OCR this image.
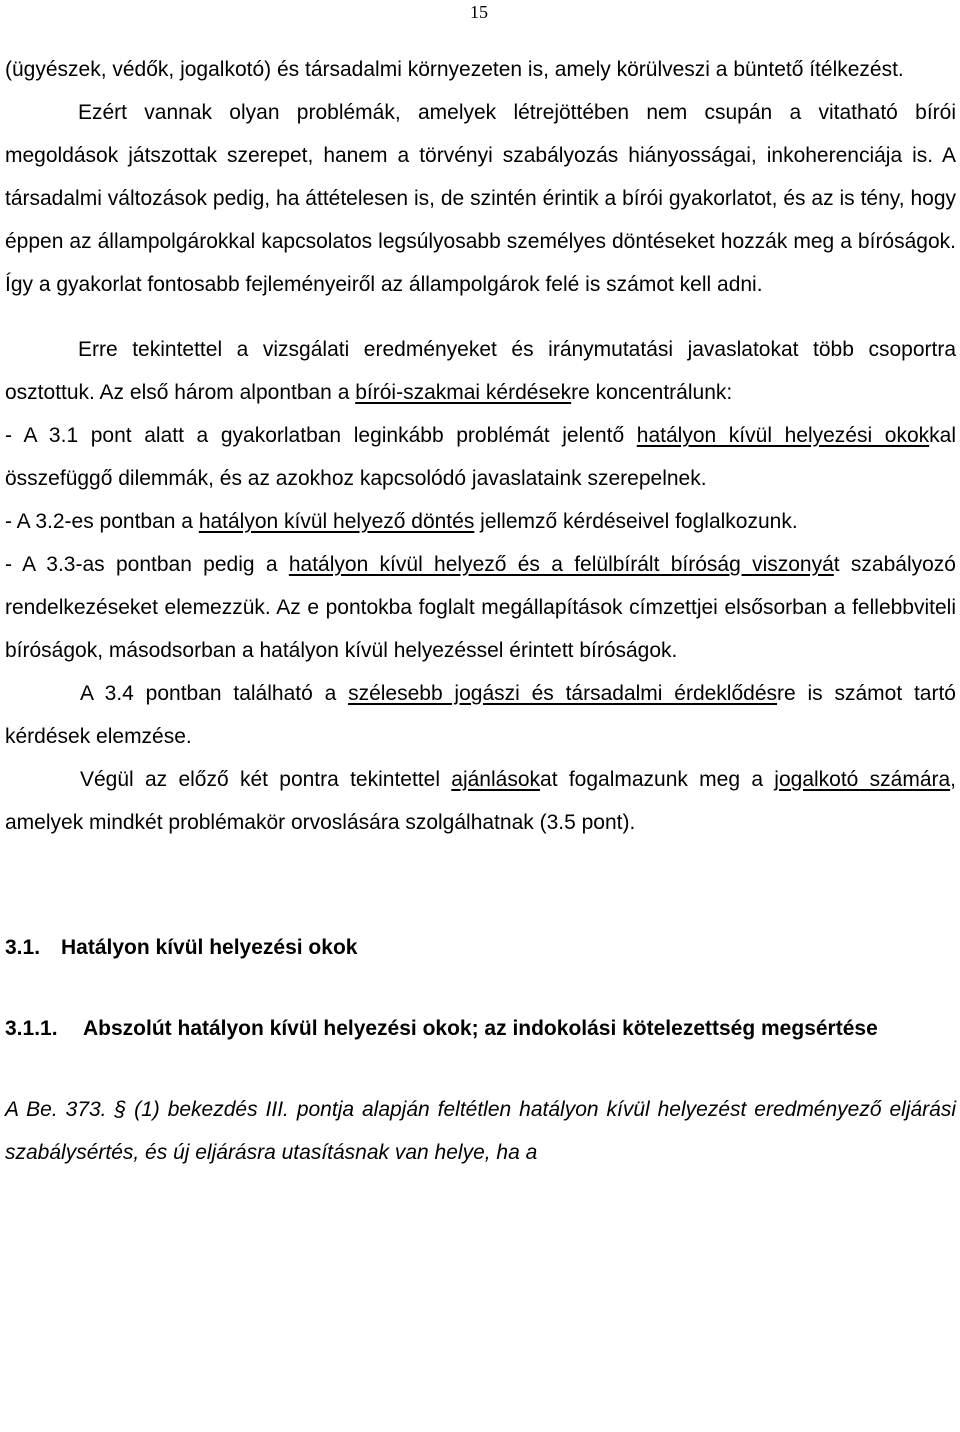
15

(ügyészek, védők, jogalkotó) és társadalmi környezeten is, amely körülveszi a büntető ítélkezést.

Ezért vannak olyan problémák, amelyek létrejöttében nem csupán a vitatható bírói megoldások játszottak szerepet, hanem a törvényi szabályozás hiányosságai, inkoherenciája is. A társadalmi változások pedig, ha áttételesen is, de szintén érintik a bírói gyakorlatot, és az is tény, hogy éppen az állampolgárokkal kapcsolatos legsúlyosabb személyes döntéseket hozzák meg a bíróságok. Így a gyakorlat fontosabb fejleményeiről az állampolgárok felé is számot kell adni.

Erre tekintettel a vizsgálati eredményeket és iránymutatási javaslatokat több csoportra osztottuk. Az első három alpontban a bírói-szakmai kérdésekre koncentrálunk:

- A 3.1 pont alatt a gyakorlatban leginkább problémát jelentő hatályon kívül helyezési okokkal összefüggő dilemmák, és az azokhoz kapcsolódó javaslataink szerepelnek.

- A 3.2-es pontban a hatályon kívül helyező döntés jellemző kérdéseivel foglalkozunk.

- A 3.3-as pontban pedig a hatályon kívül helyező és a felülbírált bíróság viszonyát szabályozó rendelkezéseket elemezzük. Az e pontokba foglalt megállapítások címzettjei elsősorban a fellebbviteli bíróságok, másodsorban a hatályon kívül helyezéssel érintett bíróságok.

A 3.4 pontban található a szélesebb jogászi és társadalmi érdeklődésre is számot tartó kérdések elemzése.

Végül az előző két pontra tekintettel ajánlásokat fogalmazunk meg a jogalkotó számára, amelyek mindkét problémakör orvoslására szolgálhatnak (3.5 pont).

3.1. Hatályon kívül helyezési okok

3.1.1. Abszolút hatályon kívül helyezési okok; az indokolási kötelezettség megsértése

A Be. 373. § (1) bekezdés III. pontja alapján feltétlen hatályon kívül helyezést eredményező eljárási szabálysértés, és új eljárásra utasításnak van helye, ha a
